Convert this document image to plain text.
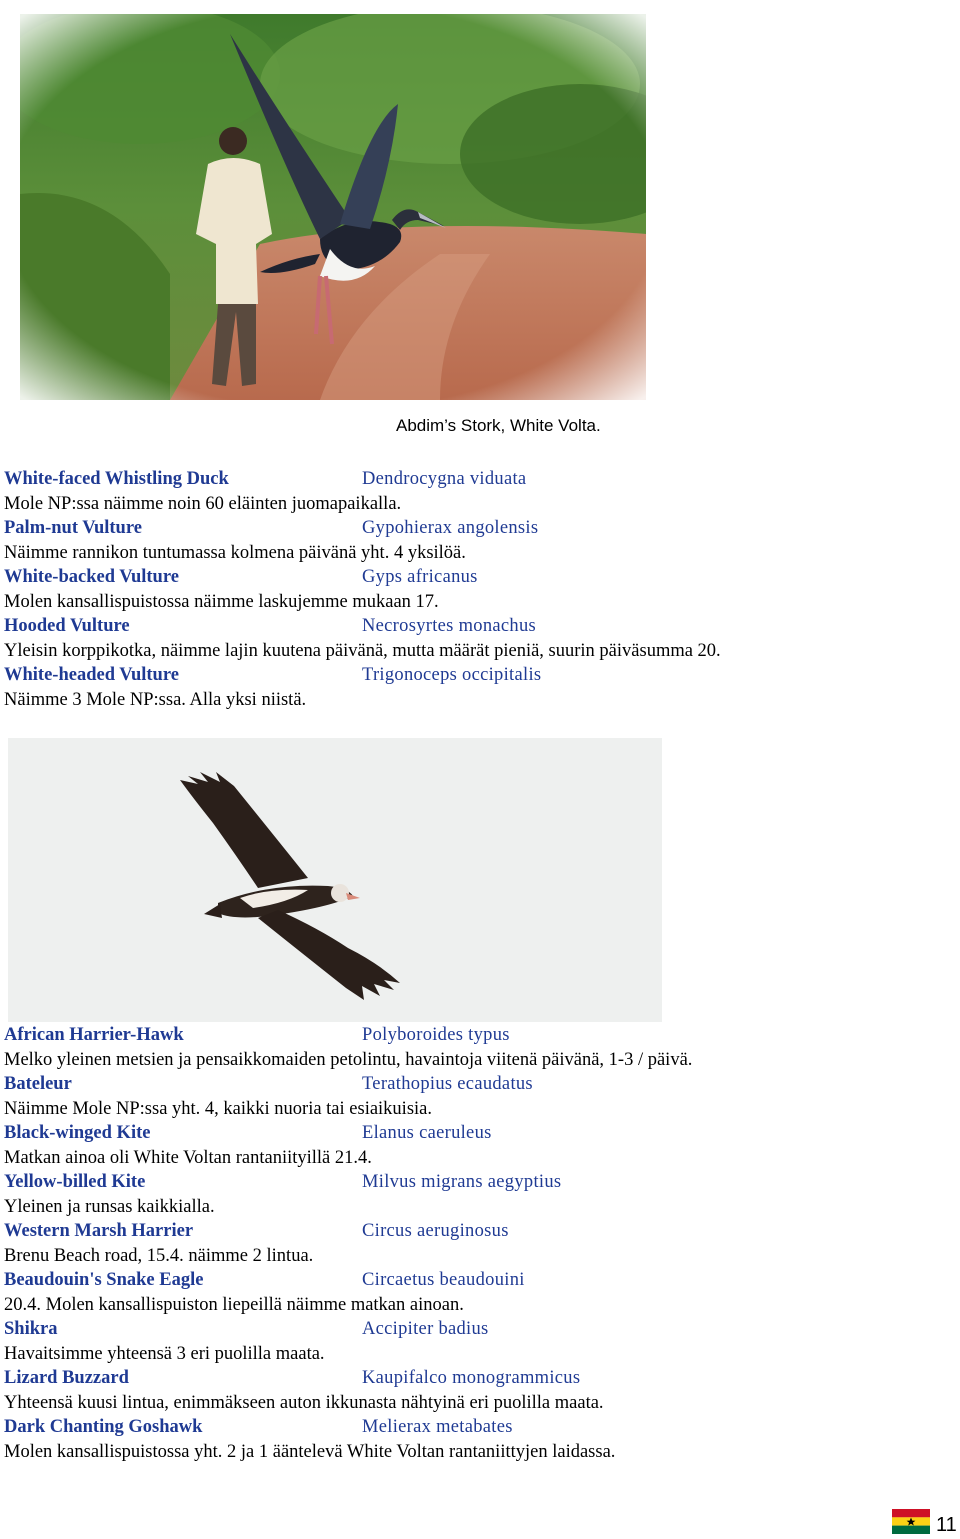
Abdim’s Stork, White Volta.
White-faced Whistling Duck	Dendrocygna viduata
Mole NP:ssa näimme noin 60 eläinten juomapaikalla.
Palm-nut Vulture	Gypohierax angolensis
Näimme rannikon tuntumassa kolmena päivänä yht. 4 yksilöä.
White-backed Vulture	Gyps africanus
Molen kansallispuistossa näimme laskujemme mukaan 17.
Hooded Vulture	Necrosyrtes monachus
Yleisin korppikotka, näimme lajin kuutena päivänä, mutta määrät pieniä, suurin päiväsumma 20.
White-headed Vulture	Trigonoceps occipitalis
Näimme 3 Mole NP:ssa. Alla yksi niistä.
African Harrier-Hawk	Polyboroides typus
Melko yleinen metsien ja pensaikkomaiden petolintu, havaintoja viitenä päivänä, 1-3 / päivä.
Bateleur	Terathopius ecaudatus
Näimme Mole NP:ssa yht. 4, kaikki nuoria tai esiaikuisia.
Black-winged Kite	Elanus caeruleus
Matkan ainoa oli White Voltan rantaniityillä 21.4.
Yellow-billed Kite	Milvus migrans aegyptius
Yleinen ja runsas kaikkialla.
Western Marsh Harrier	Circus aeruginosus
Brenu Beach road, 15.4. näimme 2 lintua.
Beaudouin's Snake Eagle	Circaetus beaudouini
20.4. Molen kansallispuiston liepeillä näimme matkan ainoan.
Shikra	Accipiter badius
Havaitsimme yhteensä 3 eri puolilla maata.
Lizard Buzzard	Kaupifalco monogrammicus
Yhteensä kuusi lintua, enimmäkseen auton ikkunasta nähtyinä eri puolilla maata.
Dark Chanting Goshawk	Melierax metabates
Molen kansallispuistossa yht. 2 ja 1 ääntelevä White Voltan rantaniittyjen laidassa.
11
